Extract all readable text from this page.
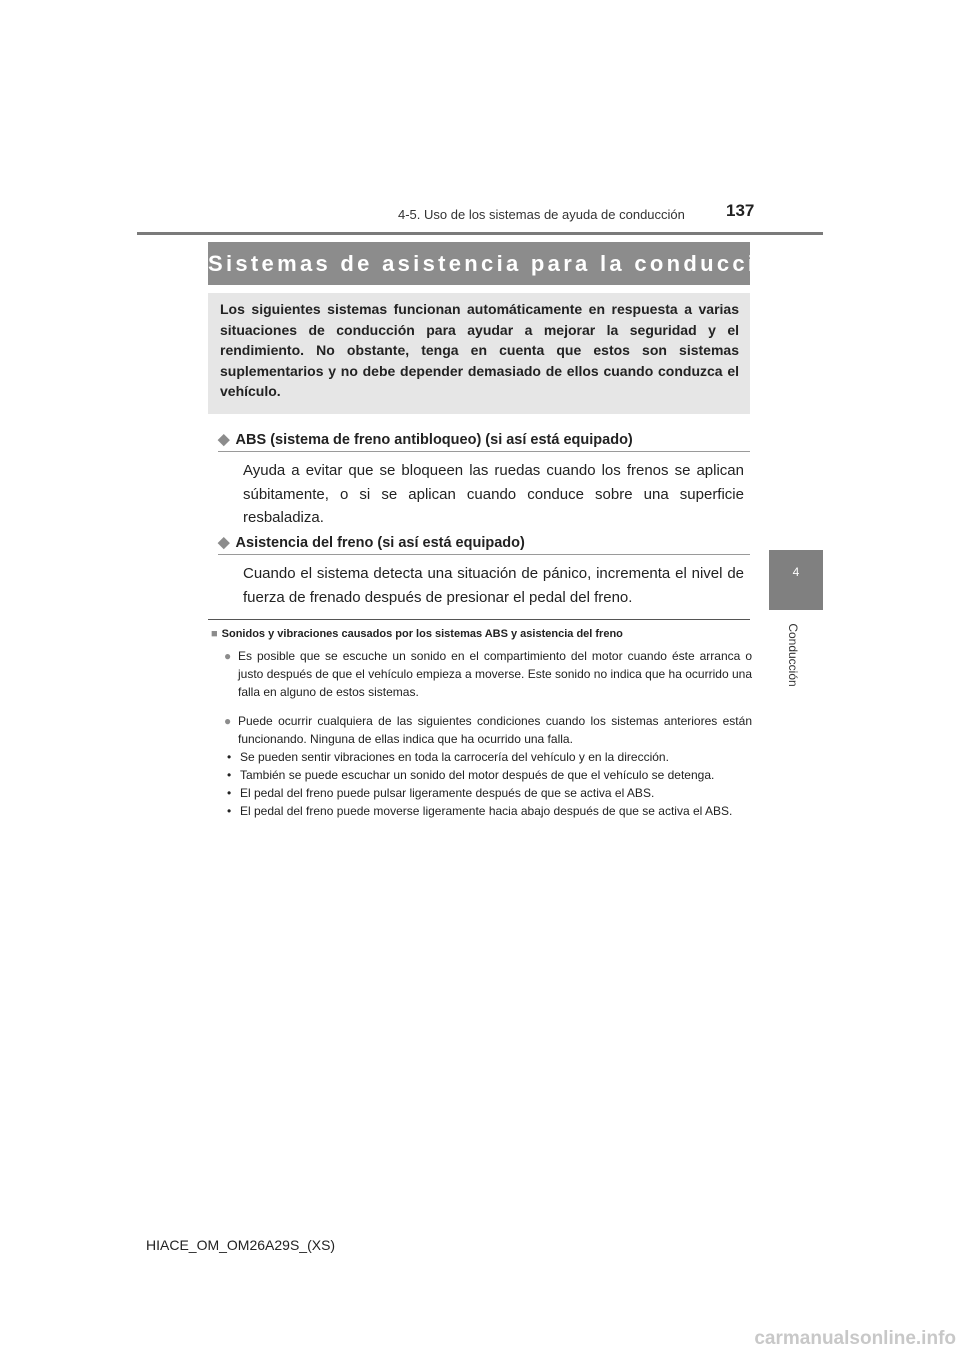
4-5. Uso de los sistemas de ayuda de conducción 137
4
Conducción
Sistemas de asistencia para la conducción

Los siguientes sistemas funcionan automáticamente en respuesta a varias situaciones de conducción para ayudar a mejorar la seguridad y el rendimiento. No obstante, tenga en cuenta que estos son sistemas suplementarios y no debe depender demasiado de ellos cuando conduzca el vehículo.

◆ ABS (sistema de freno antibloqueo) (si así está equipado)

Ayuda a evitar que se bloqueen las ruedas cuando los frenos se aplican súbitamente, o si se aplican cuando conduce sobre una superficie resbaladiza.

◆ Asistencia del freno (si así está equipado)

Cuando el sistema detecta una situación de pánico, incrementa el nivel de fuerza de frenado después de presionar el pedal del freno.

■ Sonidos y vibraciones causados por los sistemas ABS y asistencia del freno
● Es posible que se escuche un sonido en el compartimiento del motor cuando éste arranca o justo después de que el vehículo empieza a moverse. Este sonido no indica que ha ocurrido una falla en alguno de estos sistemas.
● Puede ocurrir cualquiera de las siguientes condiciones cuando los sistemas anteriores están funcionando. Ninguna de ellas indica que ha ocurrido una falla.
• Se pueden sentir vibraciones en toda la carrocería del vehículo y en la dirección.
• También se puede escuchar un sonido del motor después de que el vehículo se detenga.
• El pedal del freno puede pulsar ligeramente después de que se activa el ABS.
• El pedal del freno puede moverse ligeramente hacia abajo después de que se activa el ABS.
HIACE_OM_OM26A29S_(XS)
carmanualsonline.info
